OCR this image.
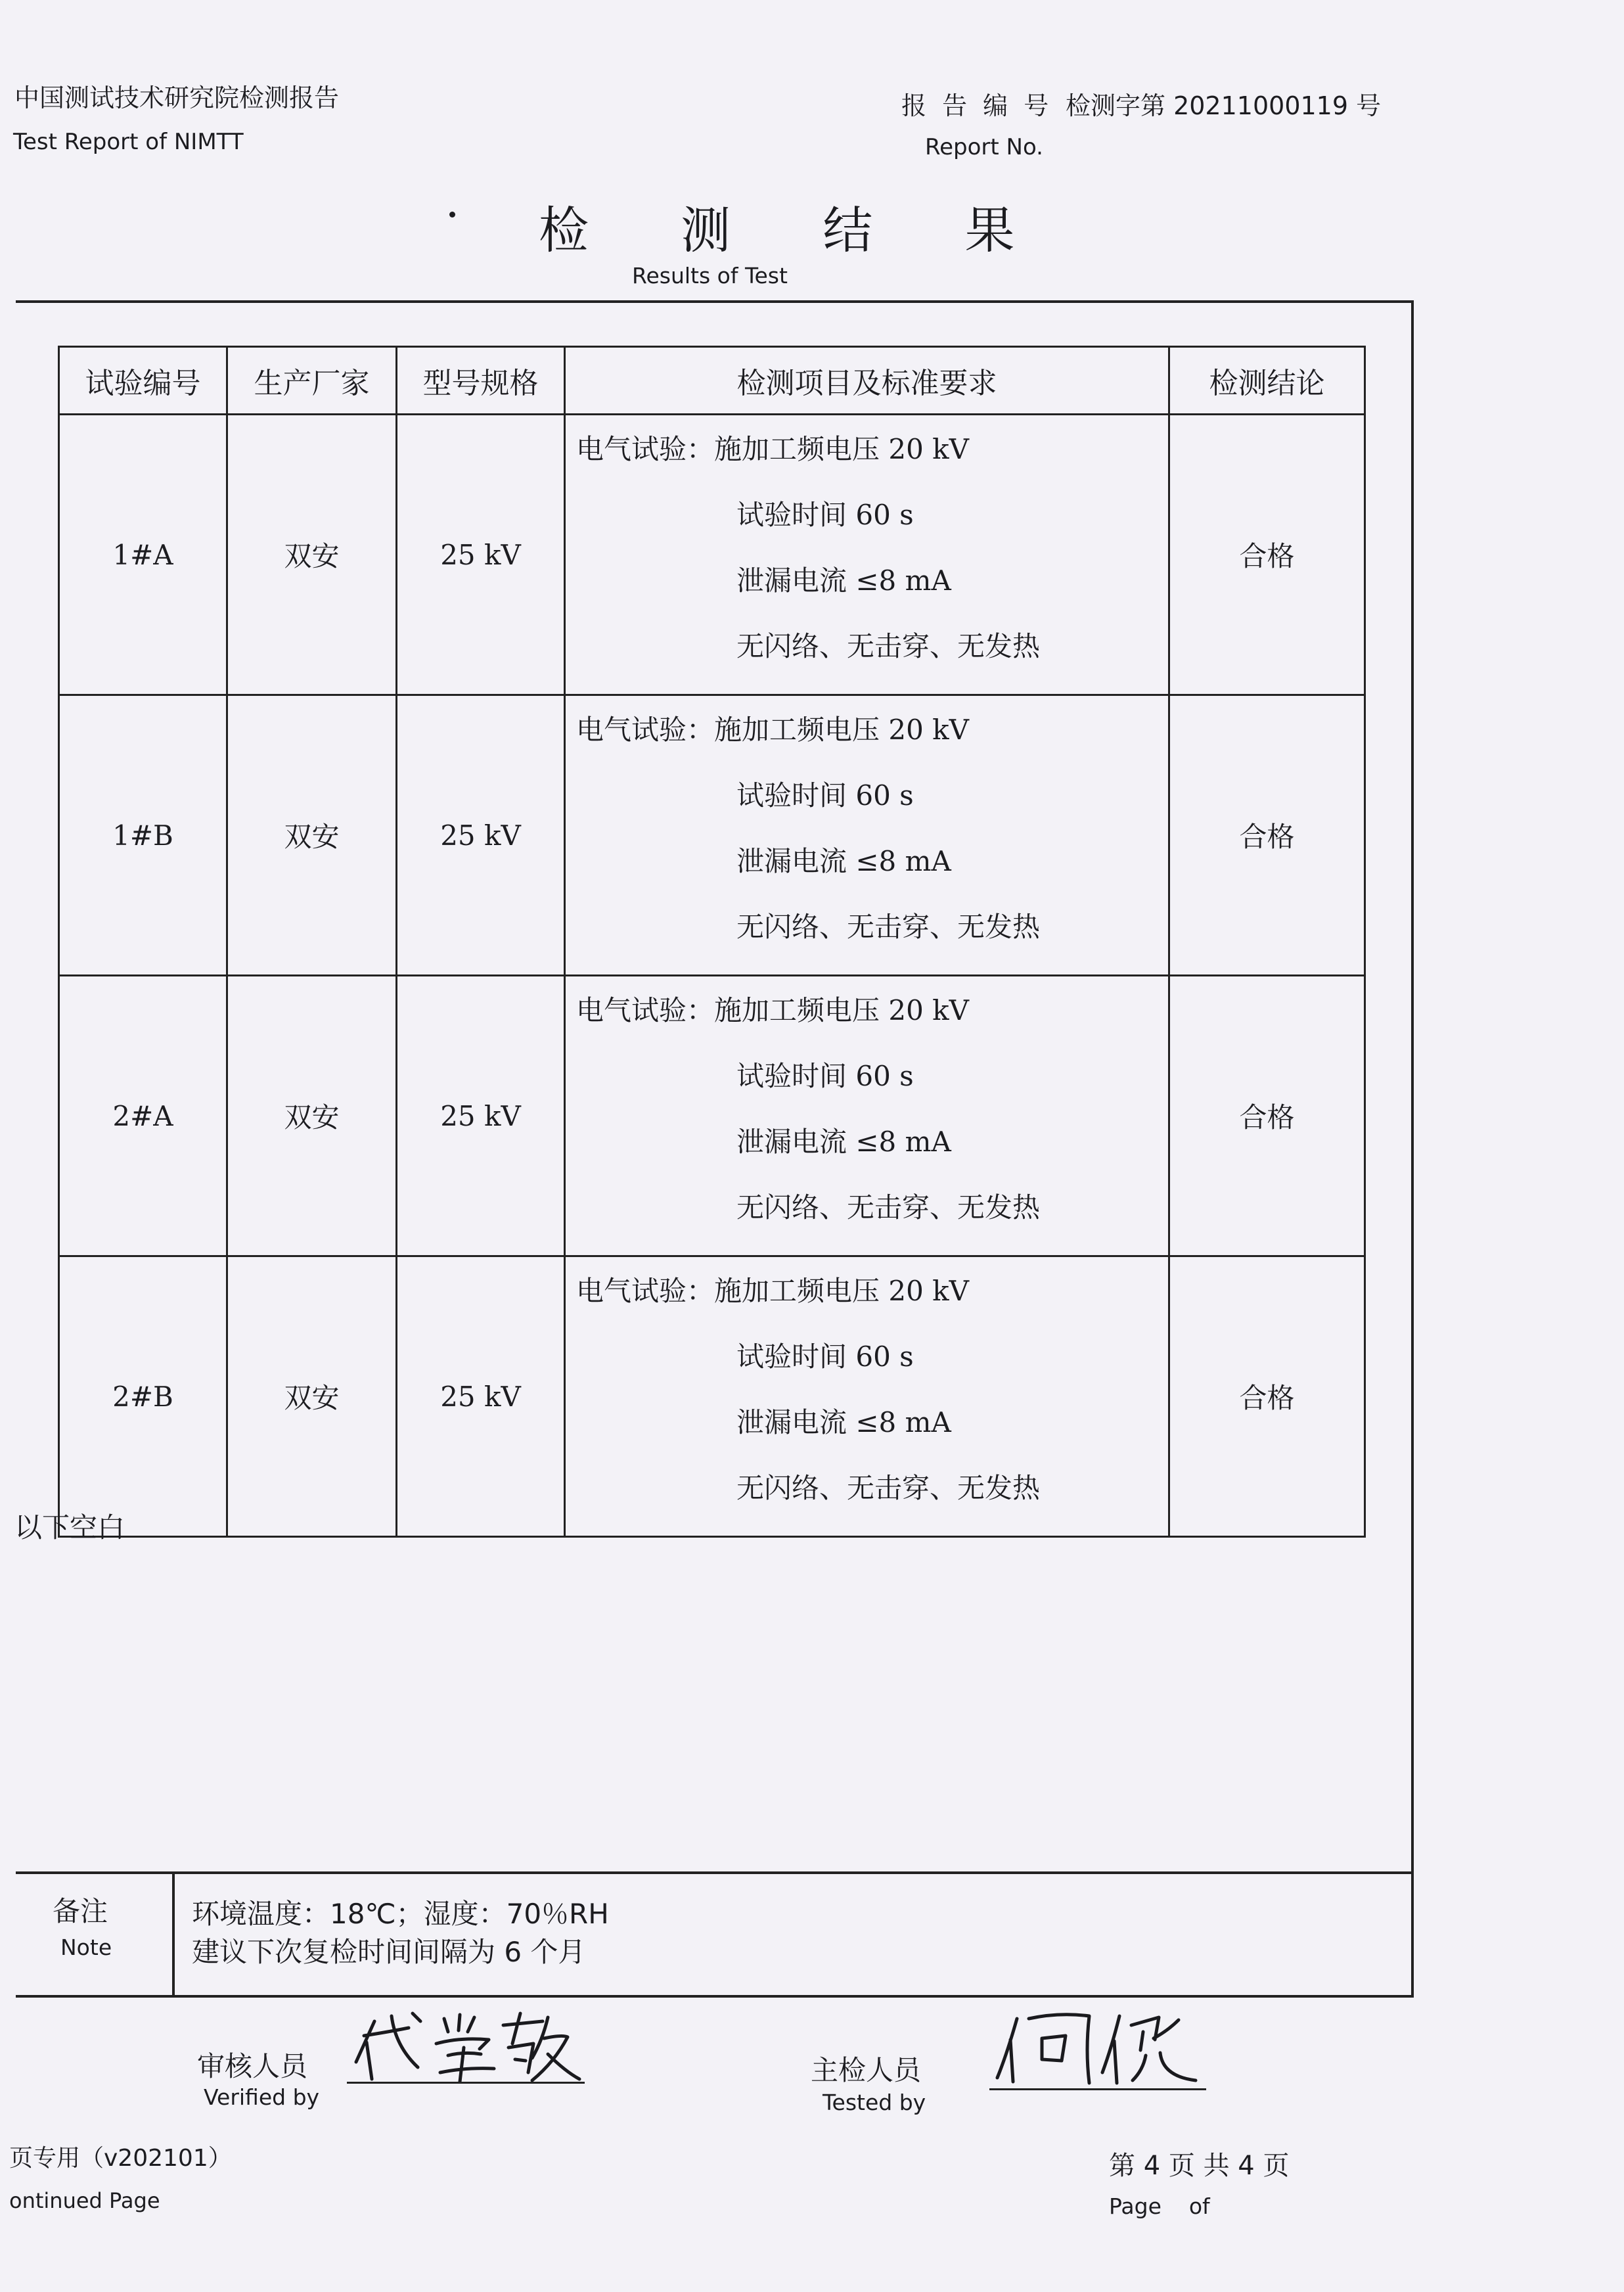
中国测试技术研究院检测报告
Test Report of NIMTT
报 告 编 号 检测字第 20211000119 号
Report No.
检 测 结 果
Results of Test
试验编号	生产厂家	型号规格	检测项目及标准要求	检测结论
1#A	双安	25 kV	电气试验：施加工频电压 20 kV
试验时间 60 s
泄漏电流 ≤8 mA
无闪络、无击穿、无发热	合格
1#B	双安	25 kV	电气试验：施加工频电压 20 kV
试验时间 60 s
泄漏电流 ≤8 mA
无闪络、无击穿、无发热	合格
2#A	双安	25 kV	电气试验：施加工频电压 20 kV
试验时间 60 s
泄漏电流 ≤8 mA
无闪络、无击穿、无发热	合格
2#B	双安	25 kV	电气试验：施加工频电压 20 kV
试验时间 60 s
泄漏电流 ≤8 mA
无闪络、无击穿、无发热	合格
以下空白
备注
Note
环境温度：18℃；湿度：70％RH
建议下次复检时间间隔为 6 个月
审核人员
Verified by
主检人员
Tested by
页专用（v202101）
ontinued Page
第 4 页 共 4 页
Page    of
